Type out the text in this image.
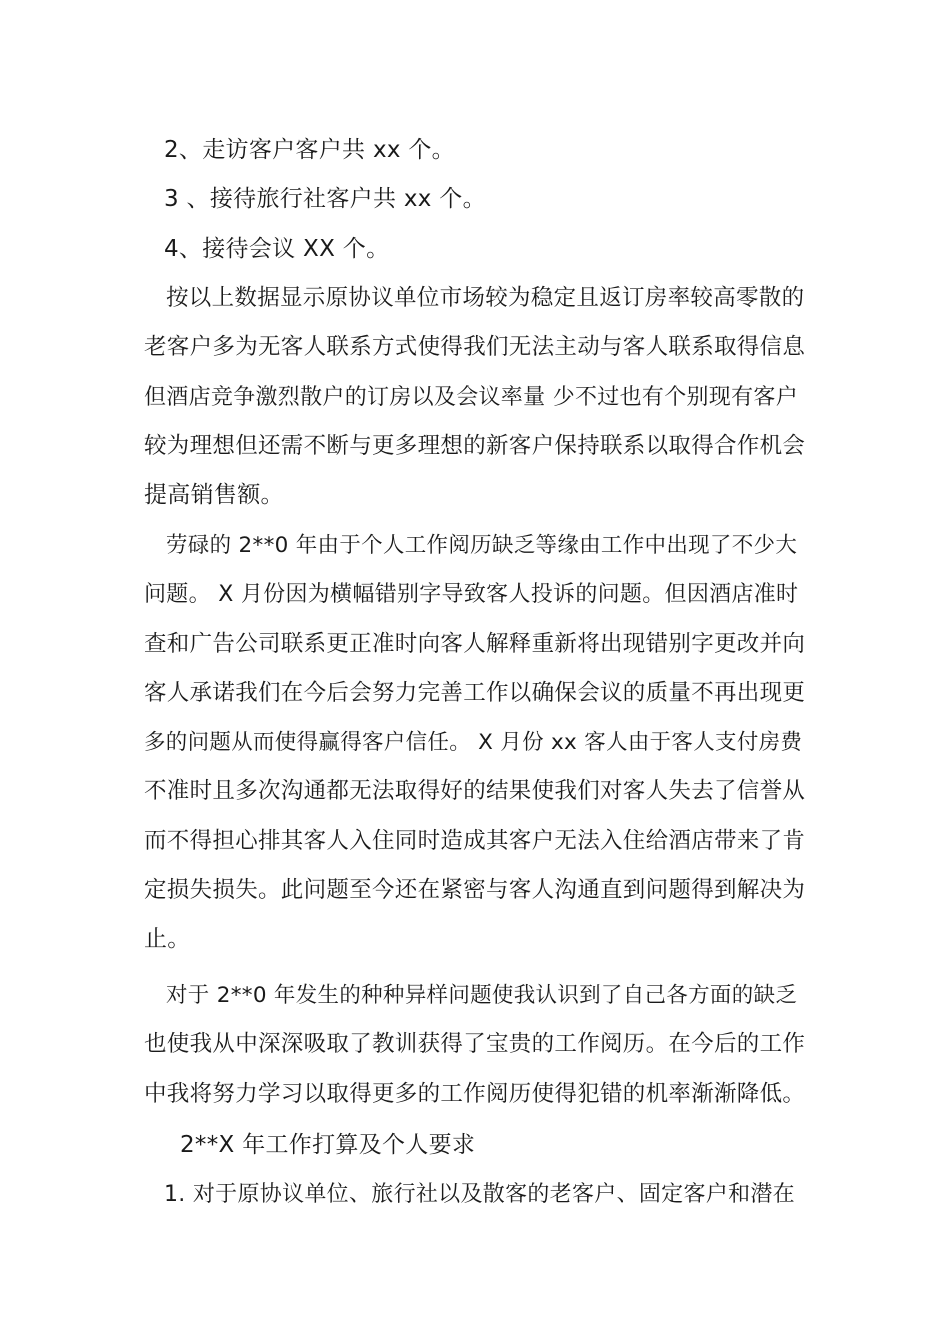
2、走访客户客户共 xx 个。
3 、接待旅行社客户共 xx 个。
4、接待会议 XX 个。
按以上数据显示原协议单位市场较为稳定且返订房率较高零散的
老客户多为无客人联系方式使得我们无法主动与客人联系取得信息
但酒店竞争激烈散户的订房以及会议率量 少不过也有个别现有客户
较为理想但还需不断与更多理想的新客户保持联系以取得合作机会
提高销售额。
劳碌的 2**0 年由于个人工作阅历缺乏等缘由工作中出现了不少大
问题。 X 月份因为横幅错别字导致客人投诉的问题。但因酒店准时
查和广告公司联系更正准时向客人解释重新将出现错别字更改并向
客人承诺我们在今后会努力完善工作以确保会议的质量不再出现更
多的问题从而使得赢得客户信任。 X 月份 xx 客人由于客人支付房费
不准时且多次沟通都无法取得好的结果使我们对客人失去了信誉从
而不得担心排其客人入住同时造成其客户无法入住给酒店带来了肯
定损失损失。此问题至今还在紧密与客人沟通直到问题得到解决为
止。
对于 2**0 年发生的种种异样问题使我认识到了自己各方面的缺乏
也使我从中深深吸取了教训获得了宝贵的工作阅历。在今后的工作
中我将努力学习以取得更多的工作阅历使得犯错的机率渐渐降低。
2**X 年工作打算及个人要求
1. 对于原协议单位、旅行社以及散客的老客户、固定客户和潜在
